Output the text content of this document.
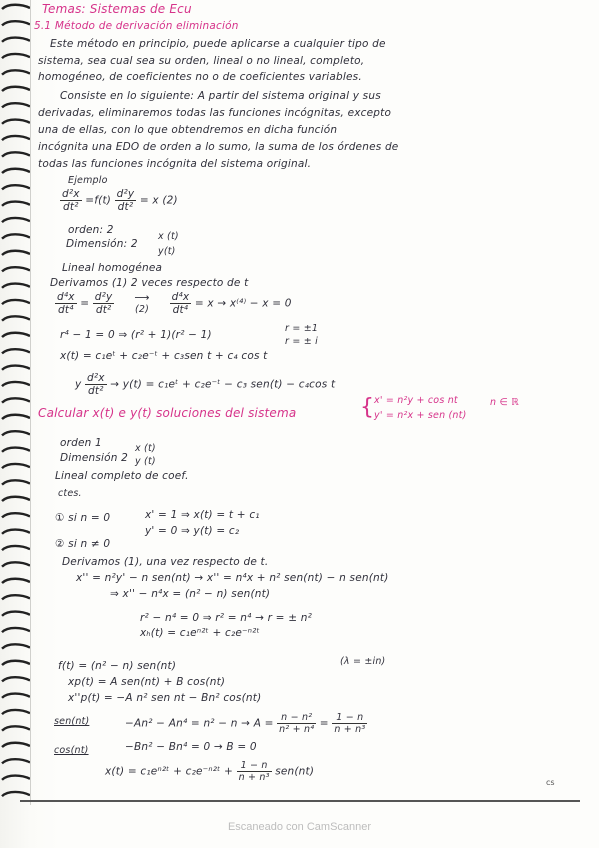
Temas: Sistemas de Ecu
5.1 Método de derivación eliminación
Este método en principio, puede aplicarse a cualquier tipo de
sistema, sea cual sea su orden, lineal o no lineal, completo,
homogéneo, de coeficientes no o de coeficientes variables.
Consiste en lo siguiente: A partir del sistema original y sus
derivadas, eliminaremos todas las funciones incógnitas, excepto
una de ellas, con lo que obtendremos en dicha función
incógnita una EDO de orden a lo sumo, la suma de los órdenes de
todas las funciones incógnita del sistema original.
Ejemplo
$\frac{\text{d²x}}{\text{dt²}} =f(t) \frac{\text{d²y}}{\text{dt²}} = x$ (2)
orden: 2
Dimensión: 2
x (t)
y(t)
Lineal homogénea
Derivamos (1) 2 veces respecto de t
$\frac{\text{d⁴x}}{\text{dt⁴}} = \frac{\text{d²y}}{\text{dt²}}$
	⟶
(2)
	$\frac{\text{d⁴x}}{\text{dt⁴}} = x \to x^{(4)} - x = 0$
r⁴ − 1 = 0 ⇒ (r² + 1)(r² − 1)
r = ±1
r = ± i
x(t) = c₁eᵗ + c₂e⁻ᵗ + c₃sen t + c₄ cos t
y $\frac{\text{d²x}}{\text{dt²}} \to y(t)$ = c₁eᵗ + c₂e⁻ᵗ − c₃ sen(t) − c₄cos t
Calcular x(t) e y(t) soluciones del sistema	{ x' = n²y + cos nt
y' = n²x + sen (nt)
n ∈ ℝ
orden 1
Dimensión 2
x (t)
y (t)
Lineal completo de coef.
ctes.
① si n = 0	x' = 1 ⇒ x(t) = t + c₁
y' = 0 ⇒ y(t) = c₂
② si n ≠ 0
Derivamos (1), una vez respecto de t.
x'' = n²y' − n sen(nt) → x'' = n⁴x + n² sen(nt) − n sen(nt)
⇒ x'' − n⁴x = (n² − n) sen(nt)
r² − n⁴ = 0 ⇒ r² = n⁴ → r = ± n²
xₕ(t) = c₁eⁿ²ᵗ + c₂e⁻ⁿ²ᵗ
f(t) = (n² − n) sen(nt)	(λ = ±in)
xp(t) = A sen(nt) + B cos(nt)
x''p(t) = −A n² sen nt − Bn² cos(nt)
sen(nt)	$-An^2 - An^4 = n^2 - n \to A = \frac{\text{n − n²}}{\text{n² + n⁴}} = \frac{1 - n}{\text{n + n³}}$
cos(nt)	−Bn² − Bn⁴ = 0 → B = 0
x(t) = c₁eⁿ²ᵗ + c₂e⁻ⁿ²ᵗ + $\frac{1 - n}{\text{n + n³}} sen(nt)$
cs
Escaneado con CamScanner
